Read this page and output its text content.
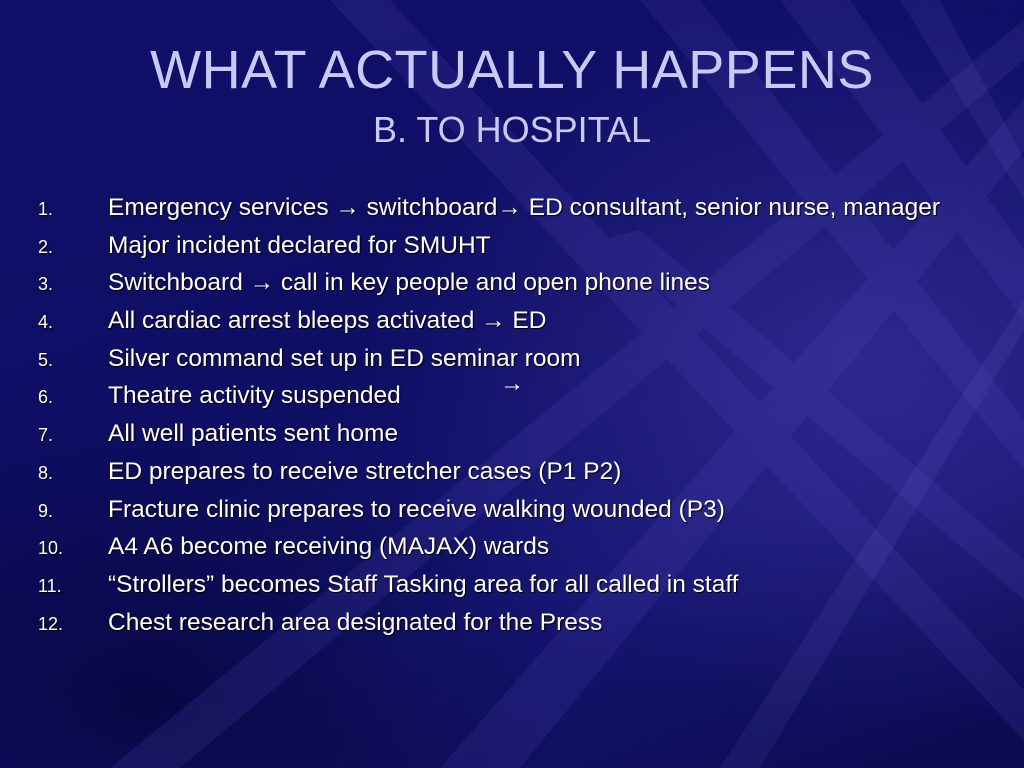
WHAT ACTUALLY HAPPENS
B. TO HOSPITAL
1. Emergency services → switchboard→ ED consultant, senior nurse, manager
2. Major incident declared for SMUHT
3. Switchboard → call in key people and open phone lines
4. All cardiac arrest bleeps activated → ED
5. Silver command set up in ED seminar room
6. Theatre activity suspended
7. All well patients sent home
8. ED prepares to receive stretcher cases (P1 P2)
9. Fracture clinic prepares to receive walking wounded (P3)
10. A4 A6 become receiving (MAJAX) wards
11. “Strollers” becomes Staff Tasking area for all called in staff
12. Chest research area designated for the Press
→
